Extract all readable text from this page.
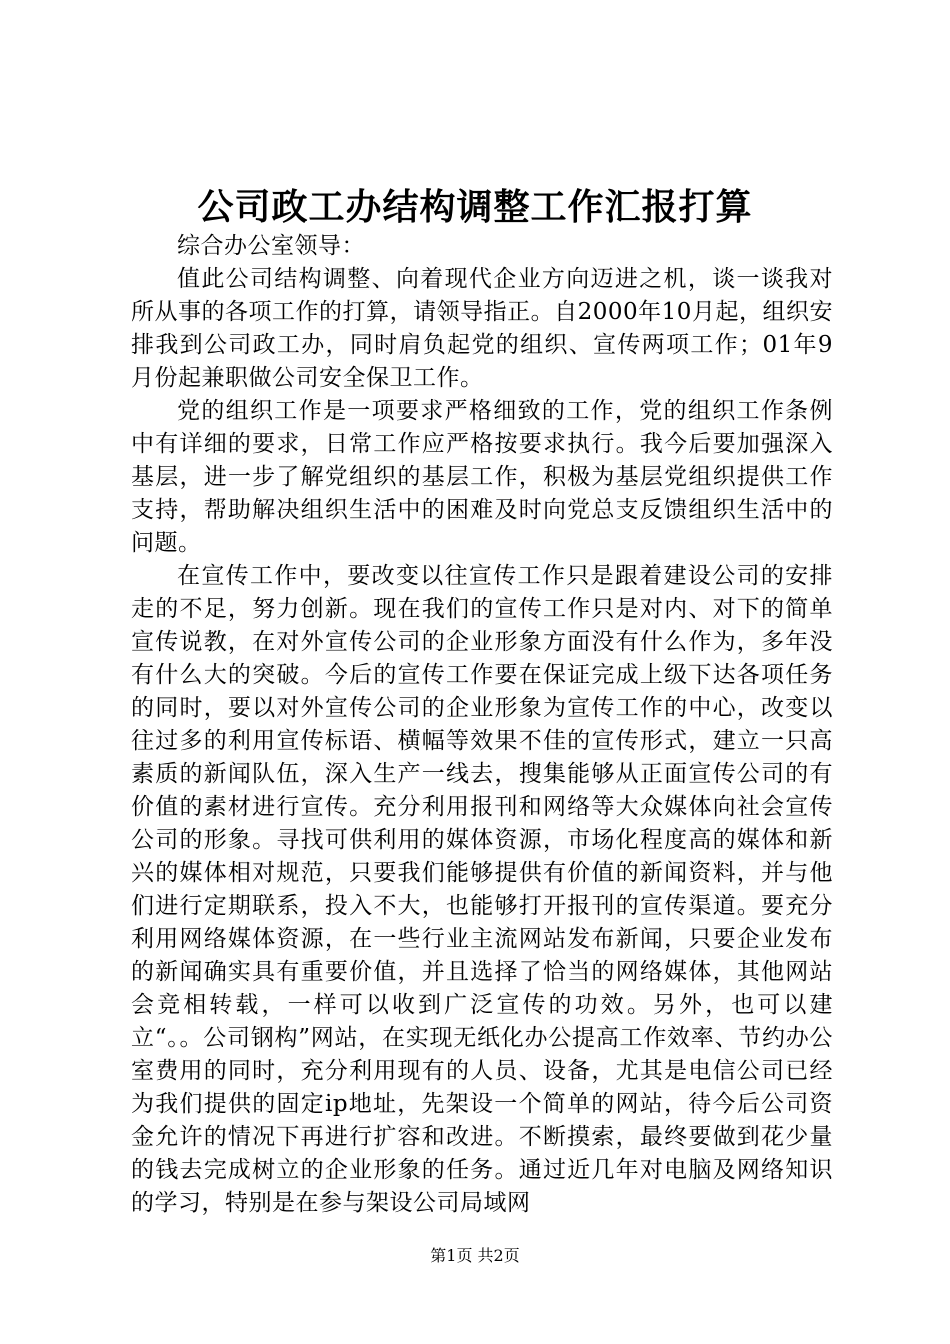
公司政工办结构调整工作汇报打算

综合办公室领导：

值此公司结构调整、向着现代企业方向迈进之机，谈一谈我对所从事的各项工作的打算，请领导指正。自2000年10月起，组织安排我到公司政工办，同时肩负起党的组织、宣传两项工作；01年9月份起兼职做公司安全保卫工作。

党的组织工作是一项要求严格细致的工作，党的组织工作条例中有详细的要求，日常工作应严格按要求执行。我今后要加强深入基层，进一步了解党组织的基层工作，积极为基层党组织提供工作支持，帮助解决组织生活中的困难及时向党总支反馈组织生活中的问题。

在宣传工作中，要改变以往宣传工作只是跟着建设公司的安排走的不足，努力创新。现在我们的宣传工作只是对内、对下的简单宣传说教，在对外宣传公司的企业形象方面没有什么作为，多年没有什么大的突破。今后的宣传工作要在保证完成上级下达各项任务的同时，要以对外宣传公司的企业形象为宣传工作的中心，改变以往过多的利用宣传标语、横幅等效果不佳的宣传形式，建立一只高素质的新闻队伍，深入生产一线去，搜集能够从正面宣传公司的有价值的素材进行宣传。充分利用报刊和网络等大众媒体向社会宣传公司的形象。寻找可供利用的媒体资源，市场化程度高的媒体和新兴的媒体相对规范，只要我们能够提供有价值的新闻资料，并与他们进行定期联系，投入不大，也能够打开报刊的宣传渠道。要充分利用网络媒体资源，在一些行业主流网站发布新闻，只要企业发布的新闻确实具有重要价值，并且选择了恰当的网络媒体，其他网站会竞相转载，一样可以收到广泛宣传的功效。另外，也可以建立“。。公司钢构”网站，在实现无纸化办公提高工作效率、节约办公室费用的同时，充分利用现有的人员、设备，尤其是电信公司已经为我们提供的固定ip地址，先架设一个简单的网站，待今后公司资金允许的情况下再进行扩容和改进。不断摸索，最终要做到花少量的钱去完成树立的企业形象的任务。通过近几年对电脑及网络知识的学习，特别是在参与架设公司局域网

第1页 共2页
